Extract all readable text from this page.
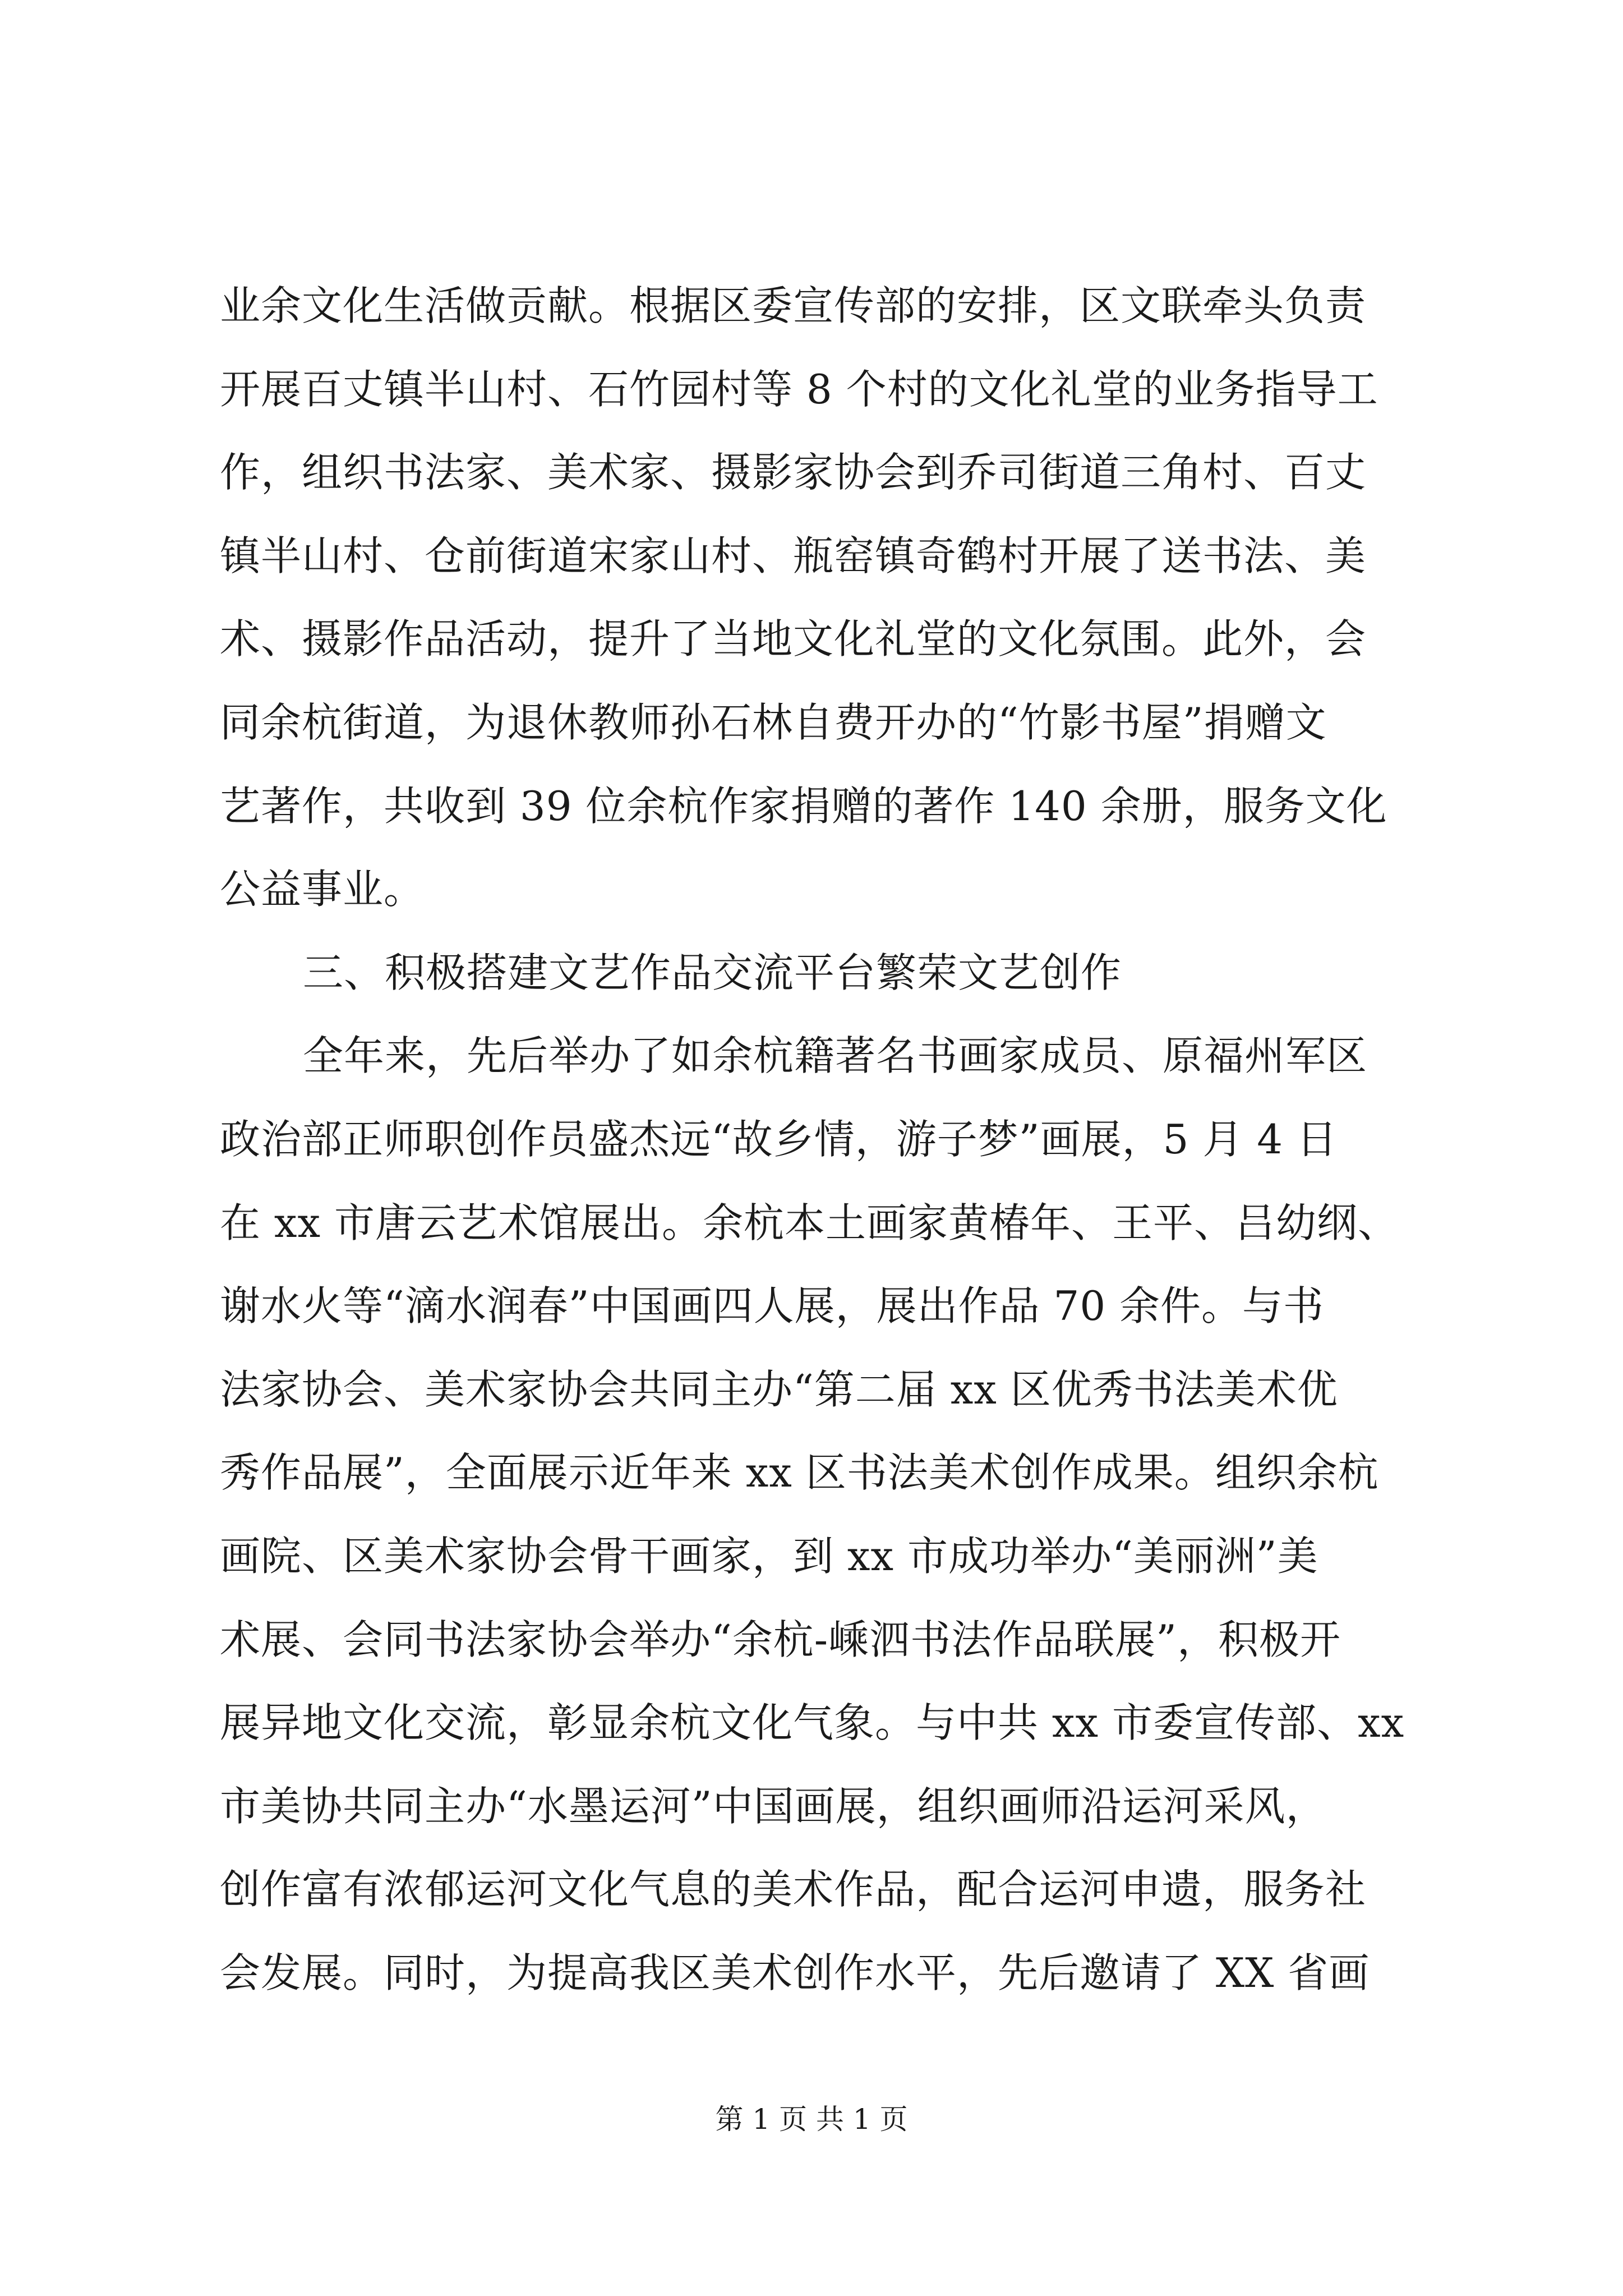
业余文化生活做贡献。根据区委宣传部的安排，区文联牵头负责
开展百丈镇半山村、石竹园村等 8 个村的文化礼堂的业务指导工
作，组织书法家、美术家、摄影家协会到乔司街道三角村、百丈
镇半山村、仓前街道宋家山村、瓶窑镇奇鹤村开展了送书法、美
术、摄影作品活动，提升了当地文化礼堂的文化氛围。此外，会
同余杭街道，为退休教师孙石林自费开办的“竹影书屋”捐赠文
艺著作，共收到 39 位余杭作家捐赠的著作 140 余册，服务文化
公益事业。
三、积极搭建文艺作品交流平台繁荣文艺创作
全年来，先后举办了如余杭籍著名书画家成员、原福州军区
政治部正师职创作员盛杰远“故乡情，游子梦”画展，5 月 4 日
在 xx 市唐云艺术馆展出。余杭本土画家黄椿年、王平、吕幼纲、
谢水火等“滴水润春”中国画四人展，展出作品 70 余件。与书
法家协会、美术家协会共同主办“第二届 xx 区优秀书法美术优
秀作品展”，全面展示近年来 xx 区书法美术创作成果。组织余杭
画院、区美术家协会骨干画家，到 xx 市成功举办“美丽洲”美
术展、会同书法家协会举办“余杭-嵊泗书法作品联展”，积极开
展异地文化交流，彰显余杭文化气象。与中共 xx 市委宣传部、xx
市美协共同主办“水墨运河”中国画展，组织画师沿运河采风，
创作富有浓郁运河文化气息的美术作品，配合运河申遗，服务社
会发展。同时，为提高我区美术创作水平，先后邀请了 XX 省画
第 1 页 共 1 页
